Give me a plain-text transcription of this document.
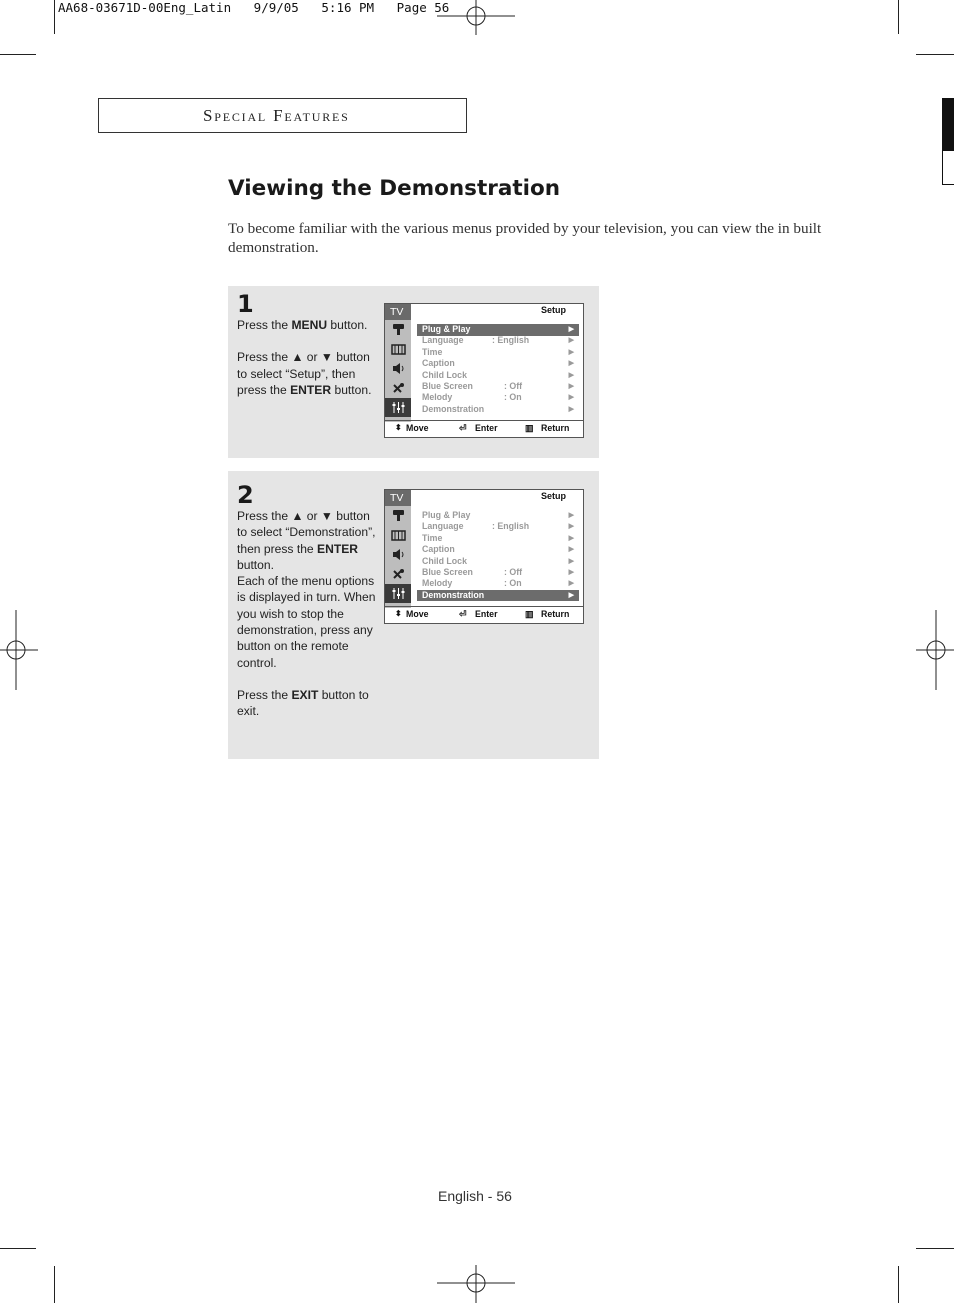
AA68-03671D-00Eng_Latin   9/9/05   5:16 PM   Page 56
Special Features
Viewing the Demonstration
To become familiar with the various menus provided by your television, you can view the in built demonstration.
1

Press the MENU button.

Press the ▲ or ▼ button to select “Setup”, then press the ENTER button.

TV	Setup
Plug & Play	▶
Language	: English	▶
Time	▶
Caption	▶
Child Lock	▶
Blue Screen	: Off	▶
Melody	: On	▶
Demonstration	▶
⬍ Move	⏎ Enter	▥ Return
2

Press the ▲ or ▼ button to select “Demonstration”, then press the ENTER button.
Each of the menu options is displayed in turn. When you wish to stop the demonstration, press any button on the remote control.

Press the EXIT button to exit.

TV	Setup
Plug & Play	▶
Language	: English	▶
Time	▶
Caption	▶
Child Lock	▶
Blue Screen	: Off	▶
Melody	: On	▶
Demonstration	▶
⬍ Move	⏎ Enter	▥ Return
English - 56
